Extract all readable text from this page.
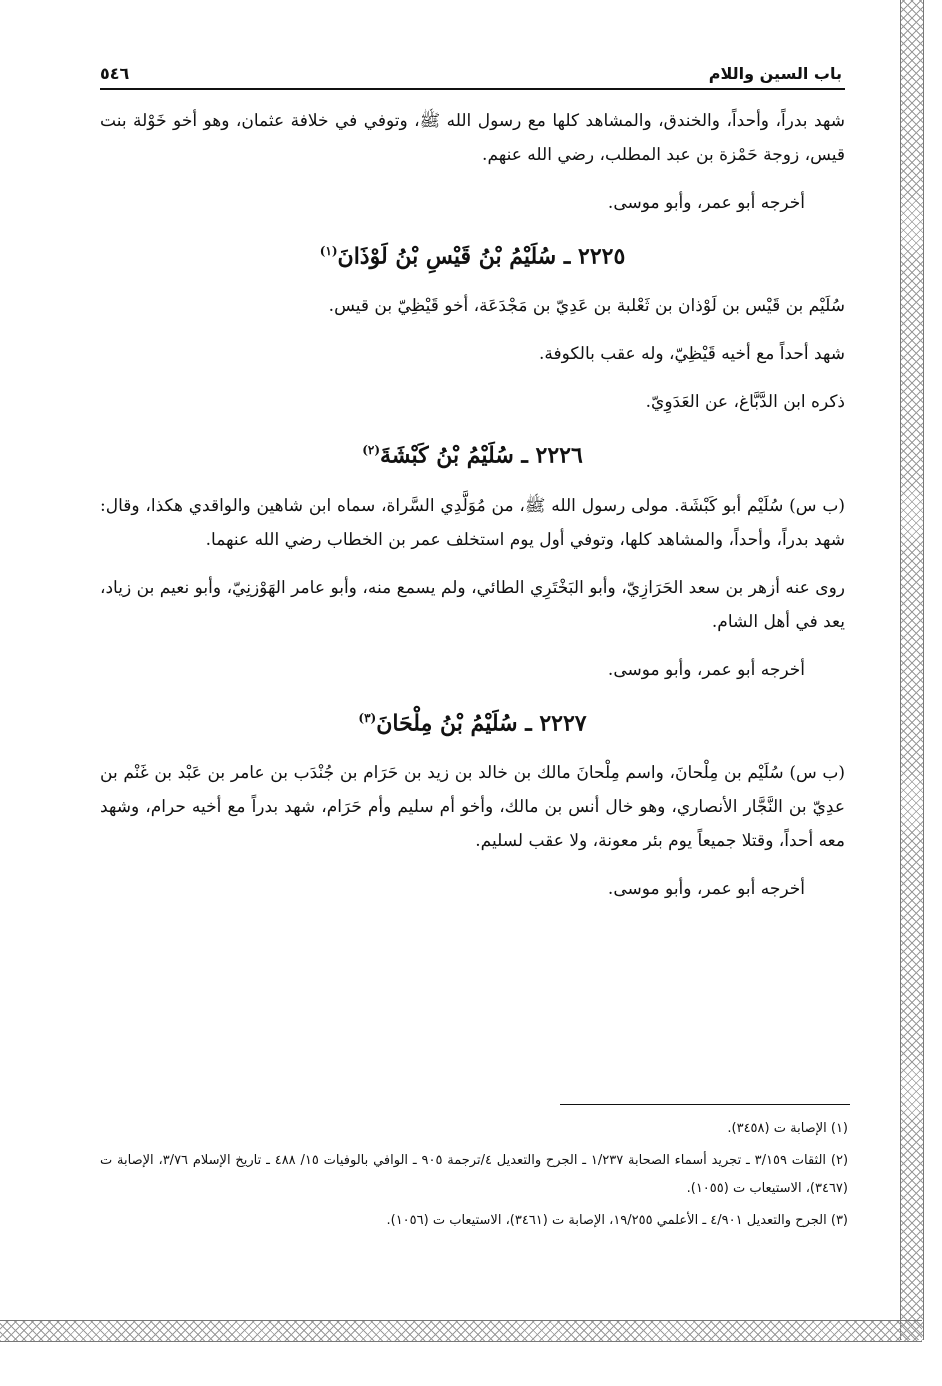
٥٤٦	باب السين واللام

شهد بدراً، وأحداً، والخندق، والمشاهد كلها مع رسول الله ﷺ، وتوفي في خلافة عثمان، وهو أخو خَوْلة بنت قيس، زوجة حَمْزة بن عبد المطلب، رضي الله عنهم.

أخرجه أبو عمر، وأبو موسى.

٢٢٢٥ ـ سُلَيْمُ بْنُ قَيْسِ بْنُ لَوْذَانَ$^{(١)}$

سُلَيْم بن قَيْس بن لَوْذان بن ثَعْلبة بن عَدِيّ بن مَجْدَعَة، أخو قَيْظِيّ بن قيس.

شهد أحداً مع أخيه قَيْظِيّ، وله عقب بالكوفة.

ذكره ابن الدَّبَّاغ، عن العَدَوِيّ.

٢٢٢٦ ـ سُلَيْمُ بْنُ كَبْشَةَ$^{(٢)}$

(ب س) سُلَيْم أبو كَبْشَة. مولى رسول الله ﷺ، من مُوَلَّدِي السَّراة، سماه ابن شاهين والواقدي هكذا، وقال: شهد بدراً، وأحداً، والمشاهد كلها، وتوفي أول يوم استخلف عمر بن الخطاب رضي الله عنهما.

روى عنه أزهر بن سعد الحَرَازِيّ، وأبو البَخْتَرِي الطائي، ولم يسمع منه، وأبو عامر الهَوْزنِيّ، وأبو نعيم بن زياد، يعد في أهل الشام.

أخرجه أبو عمر، وأبو موسى.

٢٢٢٧ ـ سُلَيْمُ بْنُ مِلْحَانَ$^{(٣)}$

(ب س) سُلَيْم بن مِلْحانَ، واسم مِلْحانَ مالك بن خالد بن زيد بن حَرَام بن جُنْدَب بن عامر بن عَبْد بن غَنْم بن عدِيّ بن النَّجَّار الأنصاري، وهو خال أنس بن مالك، وأخو أم سليم وأم حَرَام، شهد بدراً مع أخيه حرام، وشهد معه أحداً، وقتلا جميعاً يوم بئر معونة، ولا عقب لسليم.

أخرجه أبو عمر، وأبو موسى.

(١) الإصابة ت (٣٤٥٨).

(٢) الثقات ٣/١٥٩ ـ تجريد أسماء الصحابة ١/٢٣٧ ـ الجرح والتعديل ٤/ترجمة ٩٠٥ ـ الوافي بالوفيات ١٥/ ٤٨٨ ـ تاريخ الإسلام ٣/٧٦، الإصابة ت (٣٤٦٧)، الاستيعاب ت (١٠٥٥).

(٣) الجرح والتعديل ٤/٩٠١ ـ الأعلمي ١٩/٢٥٥، الإصابة ت (٣٤٦١)، الاستيعاب ت (١٠٥٦).
